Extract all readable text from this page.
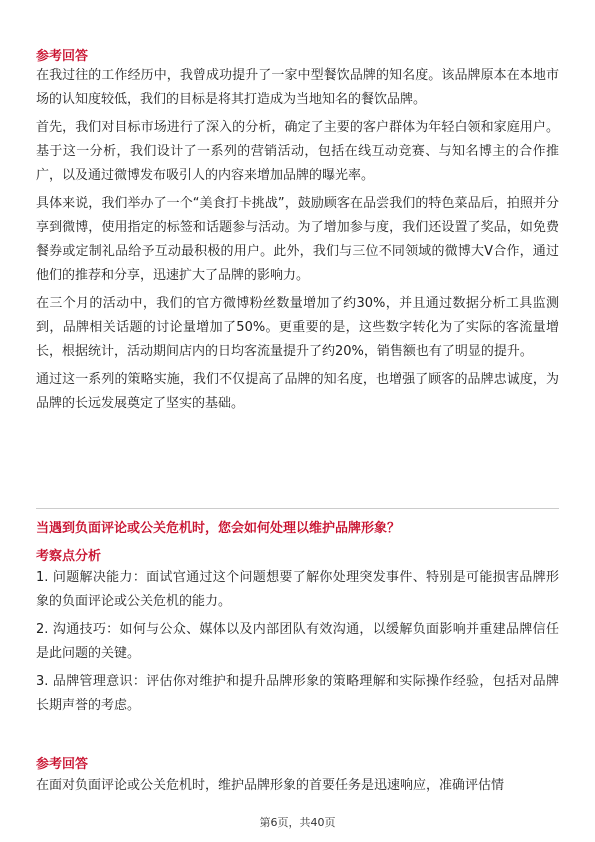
参考回答

在我过往的工作经历中，我曾成功提升了一家中型餐饮品牌的知名度。该品牌原本在本地市场的认知度较低，我们的目标是将其打造成为当地知名的餐饮品牌。

首先，我们对目标市场进行了深入的分析，确定了主要的客户群体为年轻白领和家庭用户。基于这一分析，我们设计了一系列的营销活动，包括在线互动竞赛、与知名博主的合作推广，以及通过微博发布吸引人的内容来增加品牌的曝光率。

具体来说，我们举办了一个“美食打卡挑战”，鼓励顾客在品尝我们的特色菜品后，拍照并分享到微博，使用指定的标签和话题参与活动。为了增加参与度，我们还设置了奖品，如免费餐券或定制礼品给予互动最积极的用户。此外，我们与三位不同领域的微博大V合作，通过他们的推荐和分享，迅速扩大了品牌的影响力。

在三个月的活动中，我们的官方微博粉丝数量增加了约30%，并且通过数据分析工具监测到，品牌相关话题的讨论量增加了50%。更重要的是，这些数字转化为了实际的客流量增长，根据统计，活动期间店内的日均客流量提升了约20%，销售额也有了明显的提升。

通过这一系列的策略实施，我们不仅提高了品牌的知名度，也增强了顾客的品牌忠诚度，为品牌的长远发展奠定了坚实的基础。

当遇到负面评论或公关危机时，您会如何处理以维护品牌形象？
考察点分析

1. 问题解决能力：面试官通过这个问题想要了解你处理突发事件、特别是可能损害品牌形象的负面评论或公关危机的能力。

2. 沟通技巧：如何与公众、媒体以及内部团队有效沟通，以缓解负面影响并重建品牌信任是此问题的关键。

3. 品牌管理意识：评估你对维护和提升品牌形象的策略理解和实际操作经验，包括对品牌长期声誉的考虑。

参考回答

在面对负面评论或公关危机时，维护品牌形象的首要任务是迅速响应，准确评估情

第6页，共40页
